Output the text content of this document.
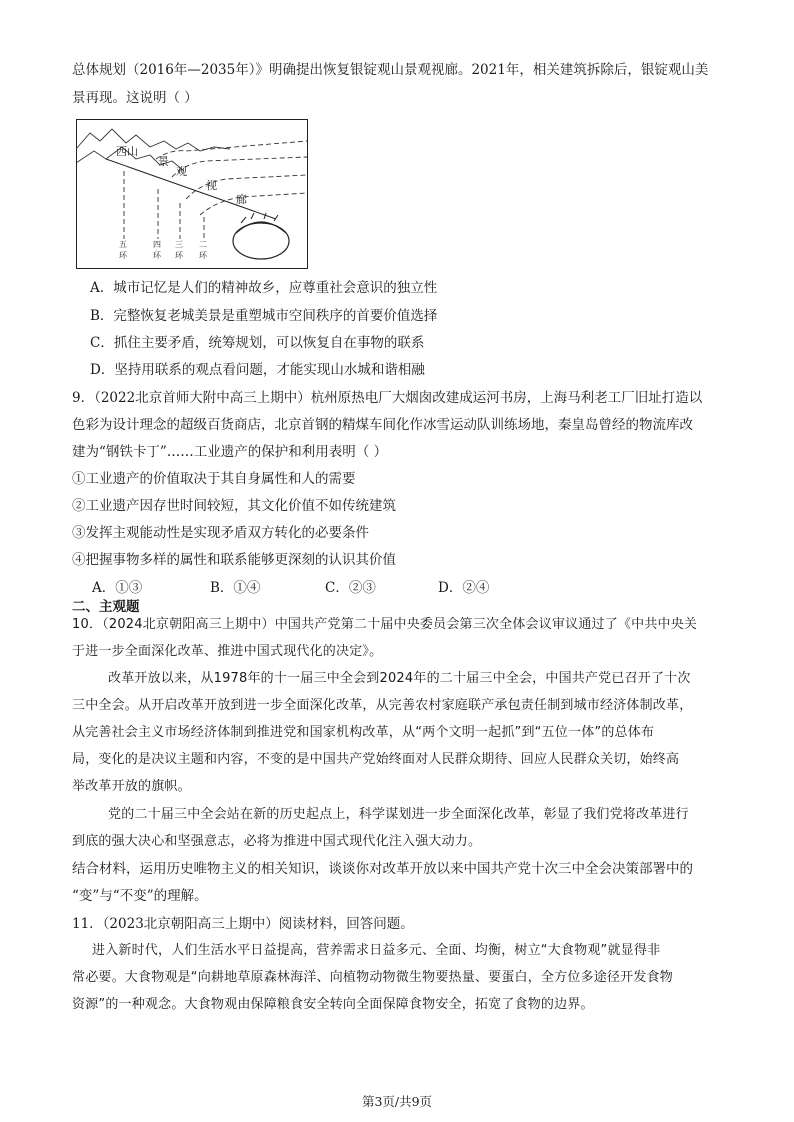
总体规划（2016年—2035年）》明确提出恢复银锭观山景观视廊。2021年，相关建筑拆除后，银锭观山美
景再现。这说明（ ）
西山
景
观
视
廊
五
环
四
环
三
环
二
环
A．城市记忆是人们的精神故乡，应尊重社会意识的独立性
B．完整恢复老城美景是重塑城市空间秩序的首要价值选择
C．抓住主要矛盾，统筹规划，可以恢复自在事物的联系
D．坚持用联系的观点看问题，才能实现山水城和谐相融
9．（2022北京首师大附中高三上期中）杭州原热电厂大烟囱改建成运河书房，上海马利老工厂旧址打造以
色彩为设计理念的超级百货商店，北京首钢的精煤车间化作冰雪运动队训练场地，秦皇岛曾经的物流库改
建为“钢铁卡丁”……工业遗产的保护和利用表明（ ）
①工业遗产的价值取决于其自身属性和人的需要
②工业遗产因存世时间较短，其文化价值不如传统建筑
③发挥主观能动性是实现矛盾双方转化的必要条件
④把握事物多样的属性和联系能够更深刻的认识其价值
A．①③	B．①④	C．②③	D．②④
二、主观题
10．（2024北京朝阳高三上期中）中国共产党第二十届中央委员会第三次全体会议审议通过了《中共中央关
于进一步全面深化改革、推进中国式现代化的决定》。
改革开放以来，从1978年的十一届三中全会到2024年的二十届三中全会，中国共产党已召开了十次
三中全会。从开启改革开放到进一步全面深化改革，从完善农村家庭联产承包责任制到城市经济体制改革，
从完善社会主义市场经济体制到推进党和国家机构改革，从“两个文明一起抓”到“五位一体”的总体布
局，变化的是决议主题和内容，不变的是中国共产党始终面对人民群众期待、回应人民群众关切，始终高
举改革开放的旗帜。
党的二十届三中全会站在新的历史起点上，科学谋划进一步全面深化改革，彰显了我们党将改革进行
到底的强大决心和坚强意志，必将为推进中国式现代化注入强大动力。
结合材料，运用历史唯物主义的相关知识，谈谈你对改革开放以来中国共产党十次三中全会决策部署中的
“变”与“不变”的理解。
11．（2023北京朝阳高三上期中）阅读材料，回答问题。
进入新时代，人们生活水平日益提高，营养需求日益多元、全面、均衡，树立“大食物观”就显得非
常必要。大食物观是“向耕地草原森林海洋、向植物动物微生物要热量、要蛋白，全方位多途径开发食物
资源”的一种观念。大食物观由保障粮食安全转向全面保障食物安全，拓宽了食物的边界。
第3页/共9页
